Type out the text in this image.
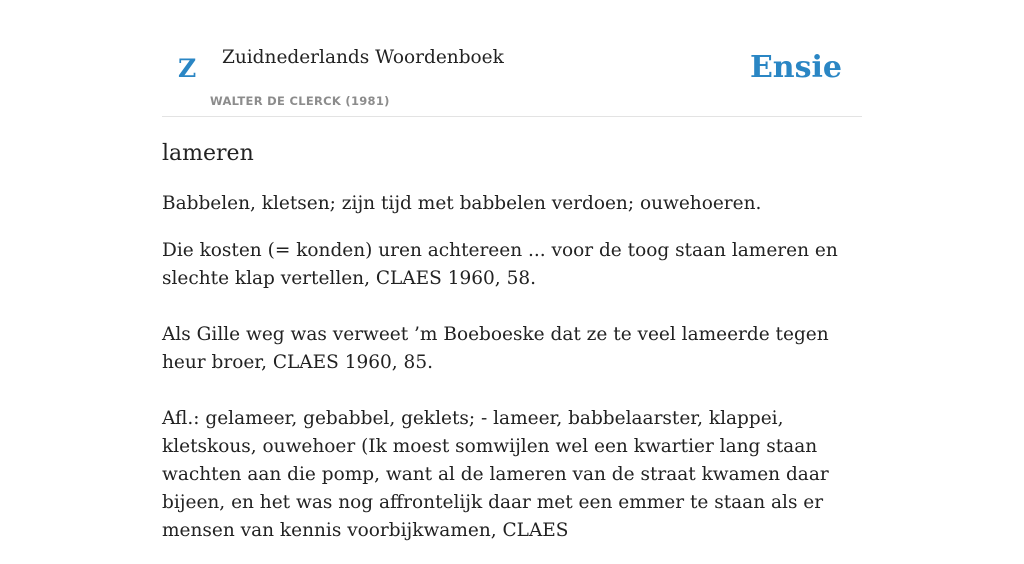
Z Zuidnederlands Woordenboek
WALTER DE CLERCK (1981)
Ensie
lameren

Babbelen, kletsen; zijn tijd met babbelen verdoen; ouwehoeren.

Die kosten (= konden) uren achtereen ... voor de toog staan lameren en slechte klap vertellen, CLAES 1960, 58.

Als Gille weg was verweet ’m Boeboeske dat ze te veel lameerde tegen heur broer, CLAES 1960, 85.

Afl.: gelameer, gebabbel, geklets; - lameer, babbelaarster, klappei, kletskous, ouwehoer (Ik moest somwijlen wel een kwartier lang staan wachten aan die pomp, want al de lameren van de straat kwamen daar bijeen, en het was nog affrontelijk daar met een emmer te staan als er mensen van kennis voorbijkwamen, CLAES
